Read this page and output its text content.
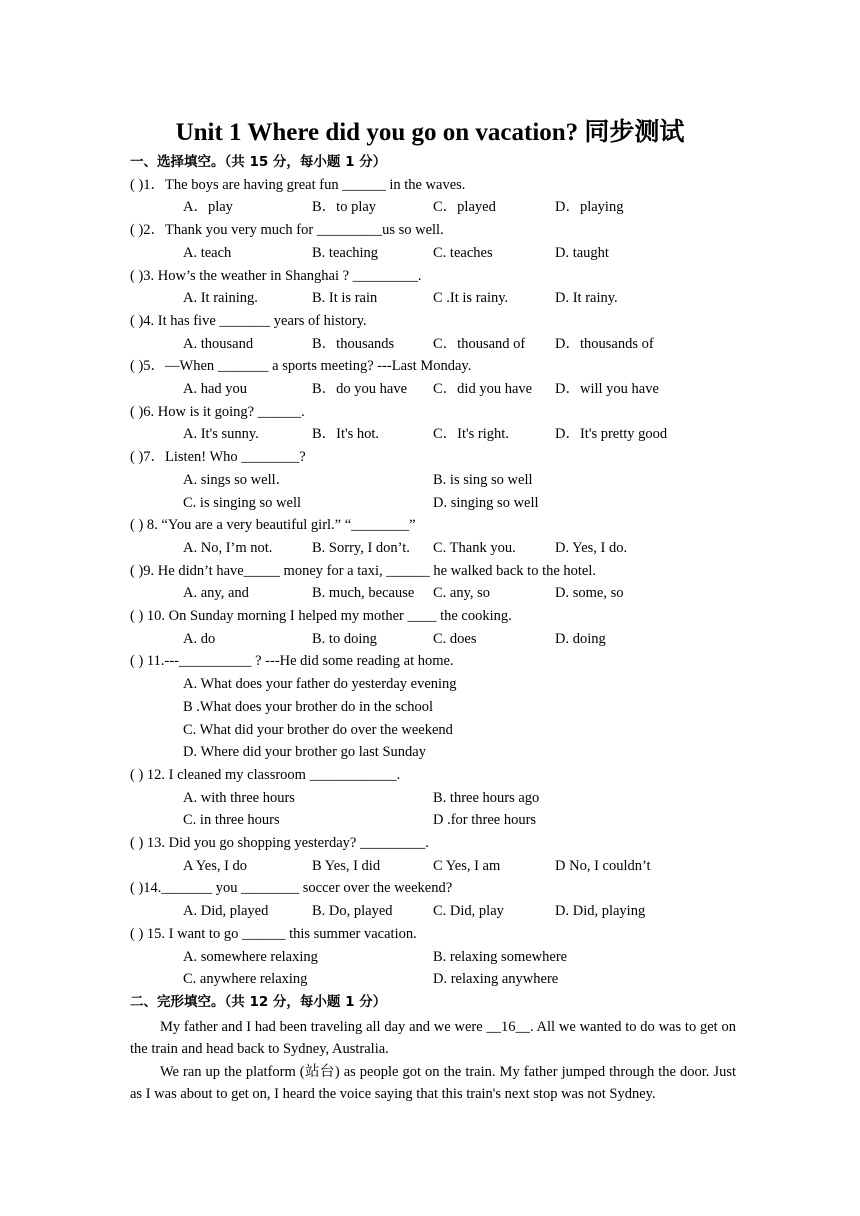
Unit 1 Where did you go on vacation? 同步测试
一、选择填空。（共 15 分，每小题 1 分）
( )1．The boys are having great fun ______ in the waves.
A．play	B．to play	C．played	D．playing
( )2．Thank you very much for _________us so well.
A. teach	B. teaching	C. teaches	D. taught
( )3. How’s the weather in Shanghai ? _________.
A. It raining.	B. It is rain	C .It is rainy.	D. It rainy.
( )4. It has five _______ years of history.
A. thousand	B．thousands	C．thousand of D．thousands of
( )5．—When _______ a sports meeting? ---Last Monday.
A. had you	B．do you have C．did you have D．will you have
( )6. How is it going? ______.
A. It's sunny.	B．It's hot.	C．It's right.	D．It's pretty good
( )7．Listen! Who ________?
A. sings so well．	B. is sing so well
C. is singing so well	D. singing so well
( ) 8. “You are a very beautiful girl.” “________”
A. No, I’m not.	B. Sorry, I don’t. C. Thank you.	D. Yes, I do.
( )9. He didn’t have_____ money for a taxi, ______ he walked back to the hotel.
A. any, and	B. much, because C. any, so	D. some, so
( ) 10. On Sunday morning I helped my mother ____ the cooking.
A. do	B. to doing	C. does	D. doing
( ) 11.---__________ ? ---He did some reading at home.
A. What does your father do yesterday evening
B .What does your brother do in the school
C. What did your brother do over the weekend
D. Where did your brother go last Sunday
( ) 12. I cleaned my classroom ____________.
A. with three hours	B. three hours ago
C. in three hours	D .for three hours
( ) 13. Did you go shopping yesterday? _________.
A Yes, I do	B Yes, I did	C Yes, I am	D No, I couldn’t
( )14._______ you ________ soccer over the weekend?
A. Did, played	B. Do, played	C. Did, play	D. Did, playing
( ) 15. I want to go ______ this summer vacation.
A. somewhere relaxing	B. relaxing somewhere
C. anywhere relaxing	D. relaxing anywhere
二、完形填空。（共 12 分，每小题 1 分）
My father and I had been traveling all day and we were __16__. All we wanted to do was to get on the train and head back to Sydney, Australia.
We ran up the platform (站台) as people got on the train. My father jumped through the door. Just as I was about to get on, I heard the voice saying that this train's next stop was not Sydney.
